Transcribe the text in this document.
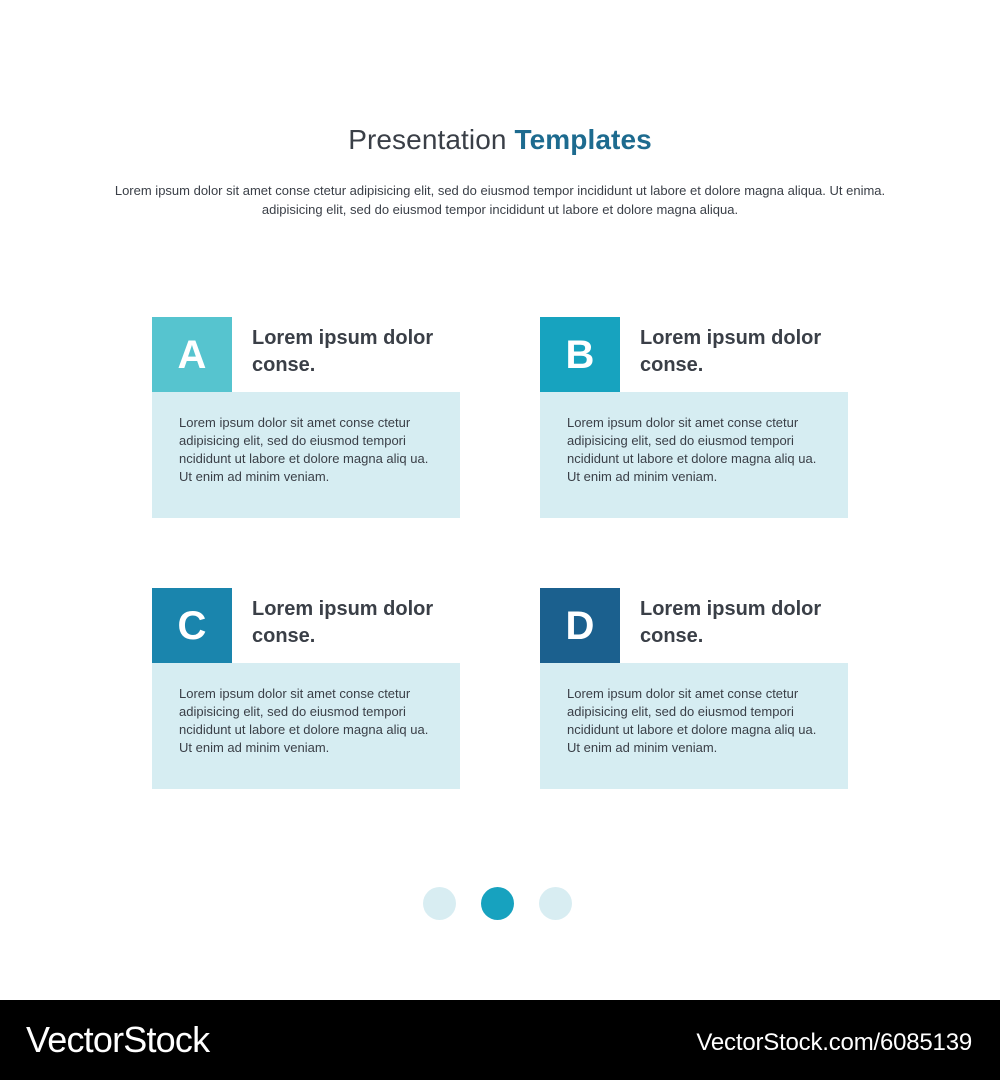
Presentation Templates
Lorem ipsum dolor sit amet conse ctetur adipisicing elit, sed do eiusmod tempor incididunt ut labore et dolore magna aliqua. Ut enima.
adipisicing elit, sed do eiusmod tempor incididunt ut labore et dolore magna aliqua.
A Lorem ipsum dolor conse.

Lorem ipsum dolor sit amet conse ctetur adipisicing elit, sed do eiusmod tempori ncididunt ut labore et dolore magna aliq ua. Ut enim ad minim veniam.

B Lorem ipsum dolor conse.

Lorem ipsum dolor sit amet conse ctetur adipisicing elit, sed do eiusmod tempori ncididunt ut labore et dolore magna aliq ua. Ut enim ad minim veniam.

C Lorem ipsum dolor conse.

Lorem ipsum dolor sit amet conse ctetur adipisicing elit, sed do eiusmod tempori ncididunt ut labore et dolore magna aliq ua. Ut enim ad minim veniam.

D Lorem ipsum dolor conse.

Lorem ipsum dolor sit amet conse ctetur adipisicing elit, sed do eiusmod tempori ncididunt ut labore et dolore magna aliq ua. Ut enim ad minim veniam.

VectorStock	VectorStock.com/6085139
